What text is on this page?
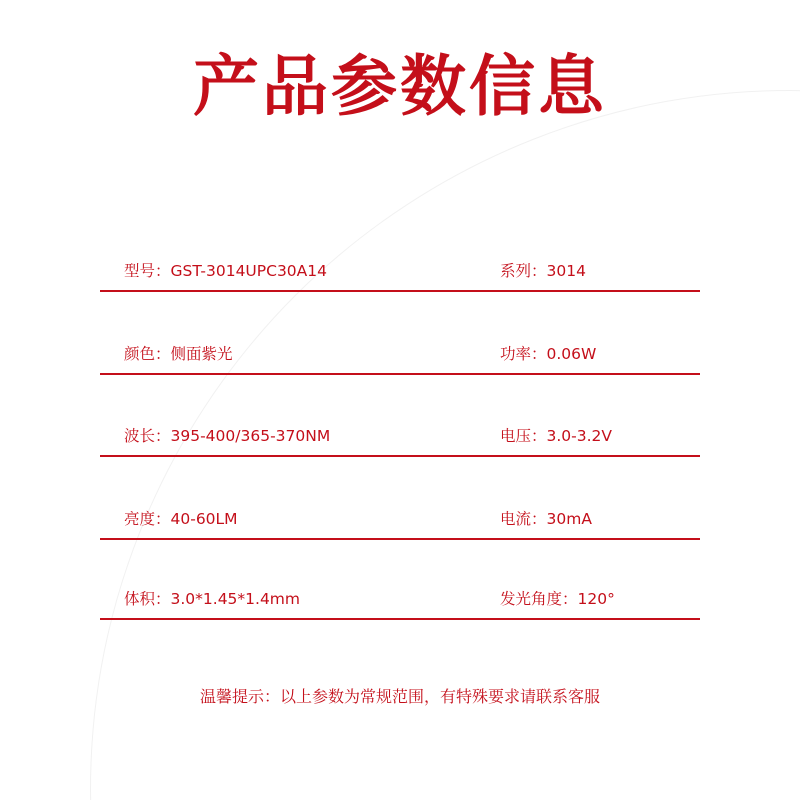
产品参数信息
型号：GST-3014UPC30A14	系列：3014
颜色：侧面紫光	功率：0.06W
波长：395-400/365-370NM	电压：3.0-3.2V
亮度：40-60LM	电流：30mA
体积：3.0*1.45*1.4mm	发光角度：120°
温馨提示：以上参数为常规范围，有特殊要求请联系客服
